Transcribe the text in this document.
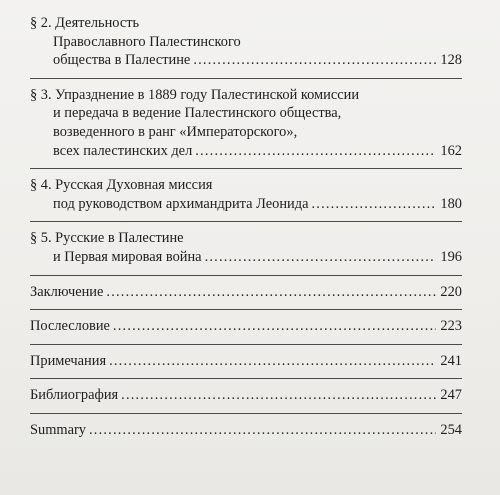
§ 2. Деятельность
Православного Палестинского
общества в Палестине .....	128
§ 3. Упразднение в 1889 году Палестинской комиссии
и передача в ведение Палестинского общества,
возведенного в ранг «Императорского»,
всех палестинских дел .....	162
§ 4. Русская Духовная миссия
под руководством архимандрита Леонида .....	180
§ 5. Русские в Палестине
и Первая мировая война .....	196
Заключение .....	220
Послесловие .....	223
Примечания .....	241
Библиография .....	247
Summary .....	254
